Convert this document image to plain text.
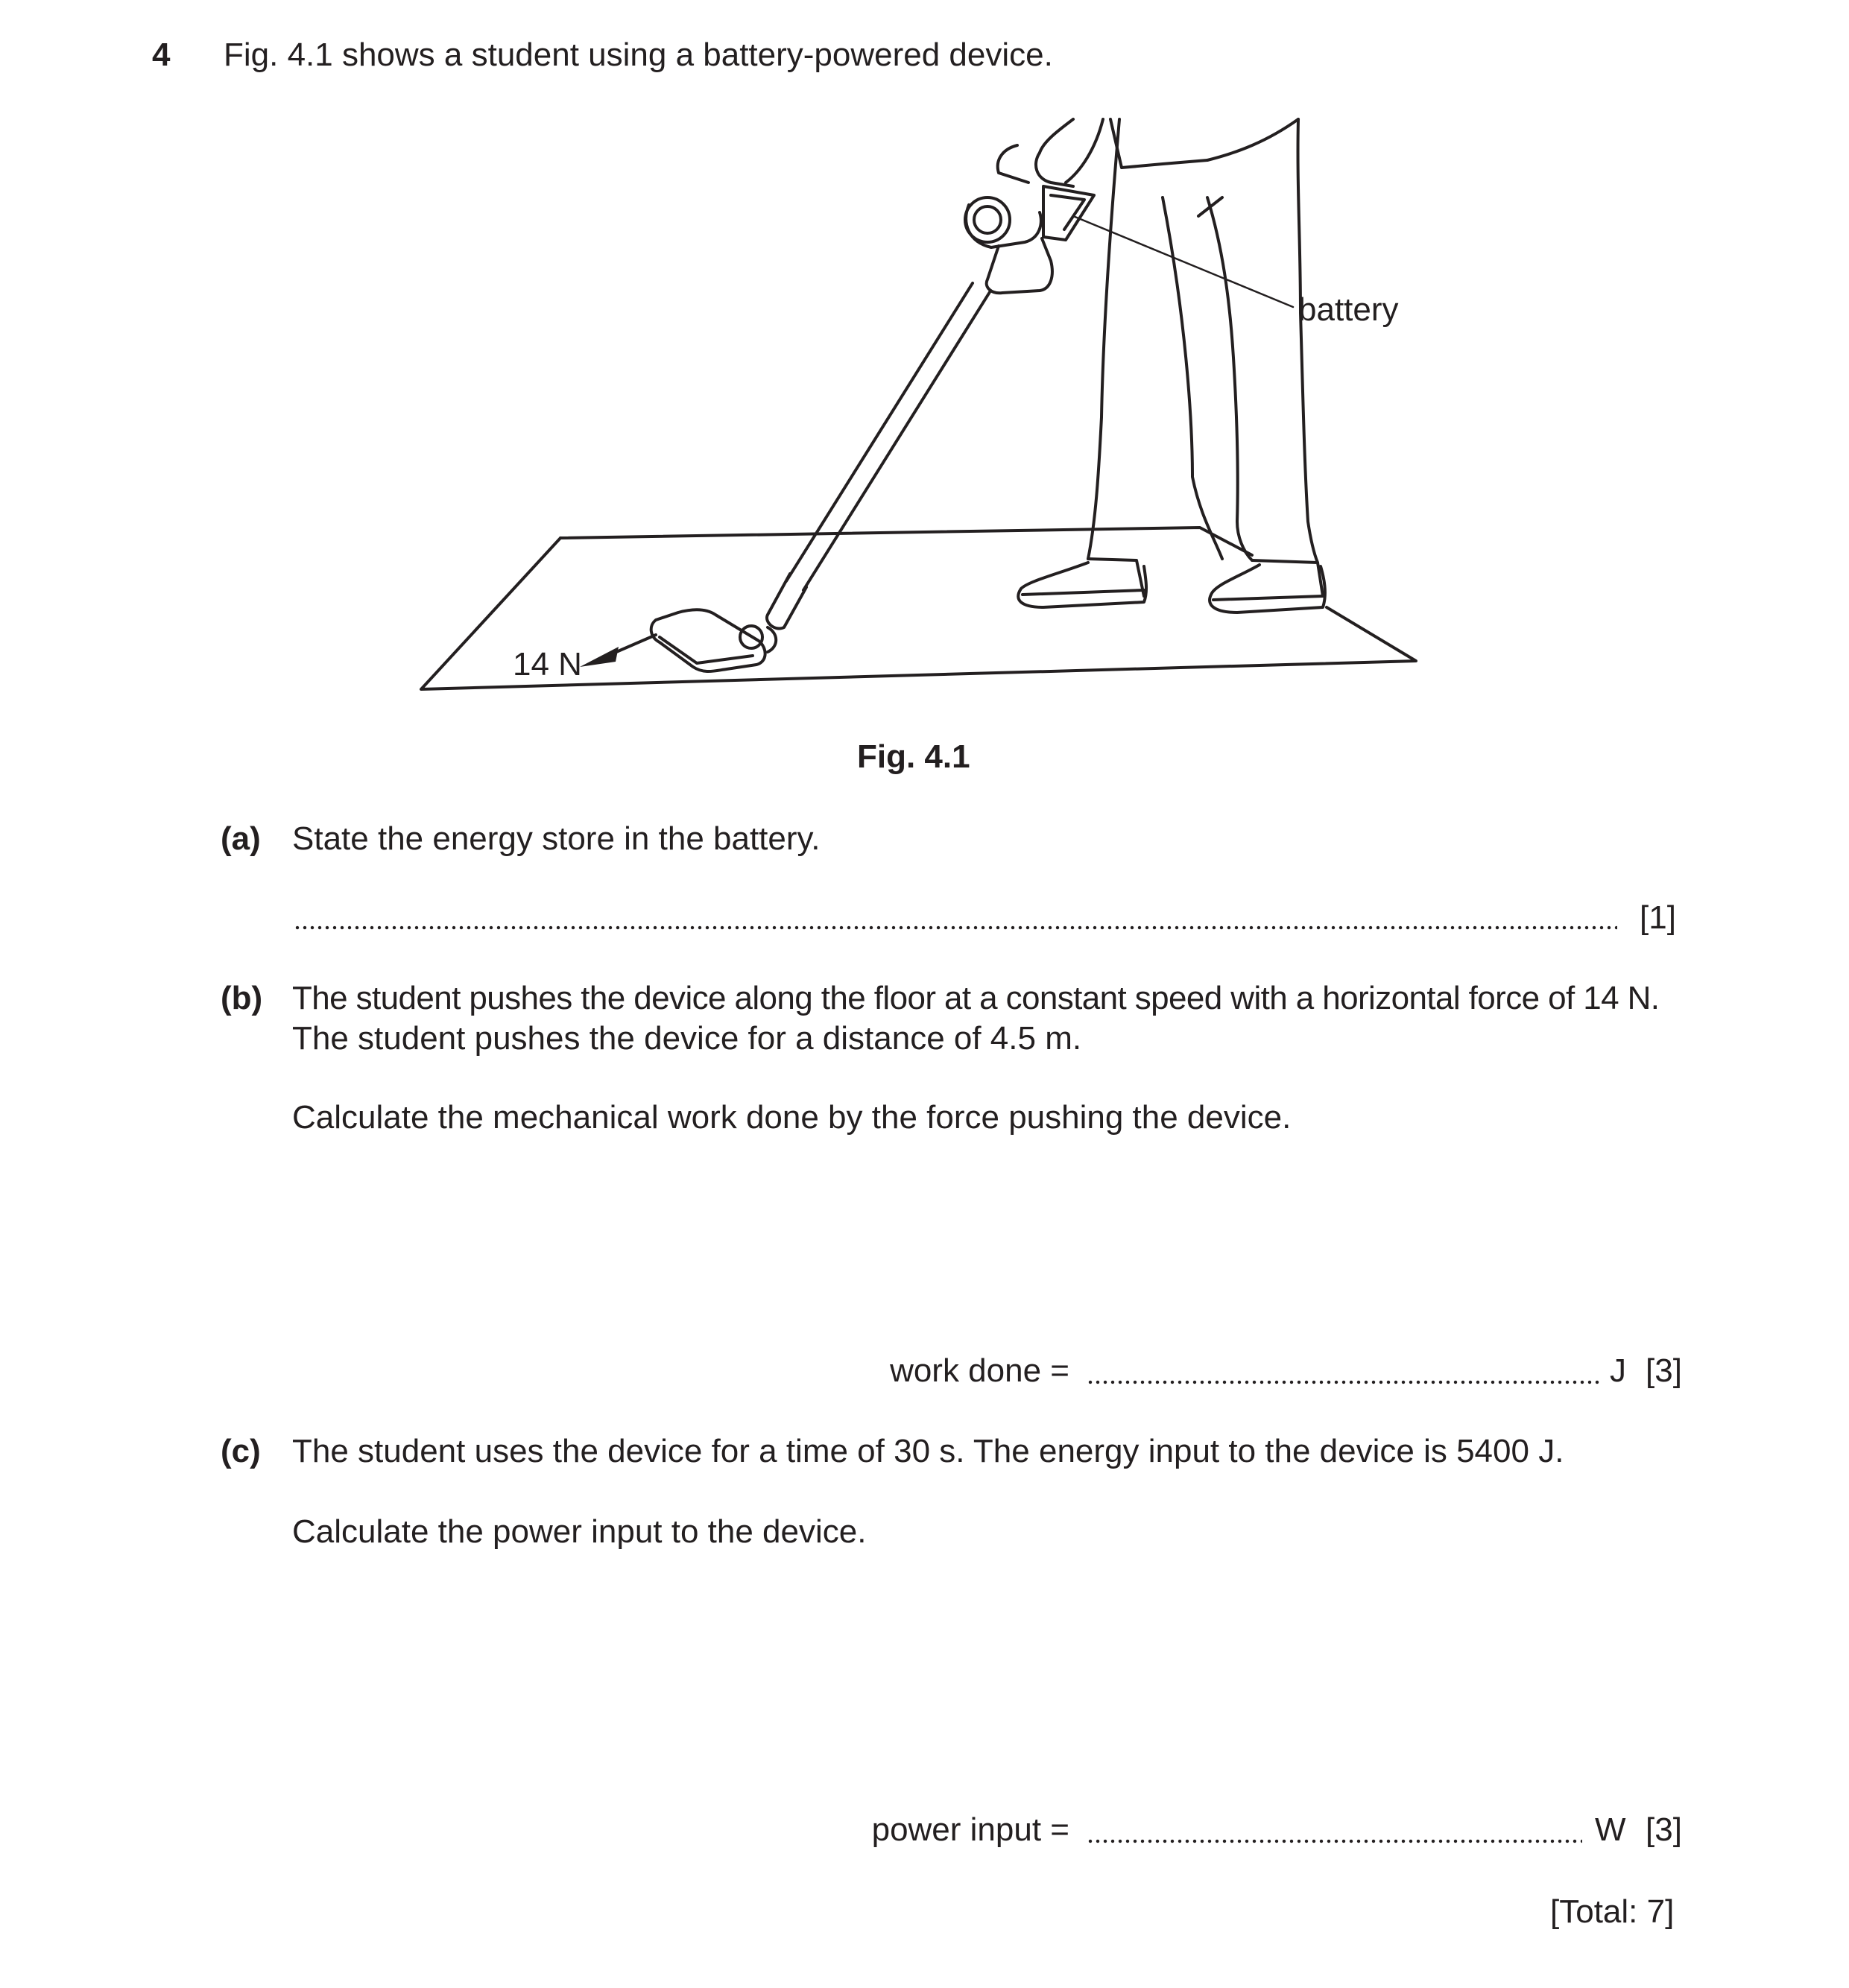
4 Fig. 4.1 shows a student using a battery-powered device.
battery
14 N
Fig. 4.1
(a) State the energy store in the battery.
[1]
(b) The student pushes the device along the floor at a constant speed with a horizontal force of 14 N.
The student pushes the device for a distance of 4.5 m.
Calculate the mechanical work done by the force pushing the device.
work done =	J [3]
(c) The student uses the device for a time of 30 s. The energy input to the device is 5400 J.
Calculate the power input to the device.
power input =	W [3]
[Total: 7]
